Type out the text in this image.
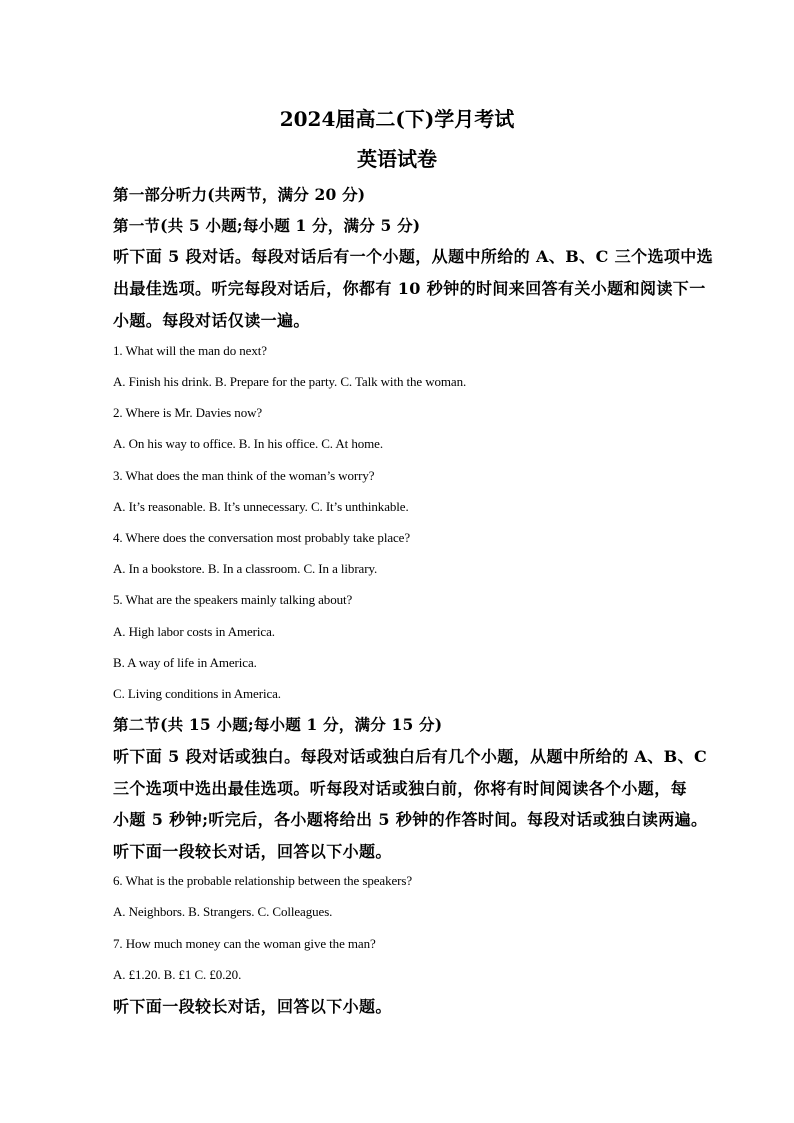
2024届高二(下)学月考试
英语试卷
第一部分听力(共两节，满分 20 分)
第一节(共 5 小题;每小题 1 分，满分 5 分)
听下面 5 段对话。每段对话后有一个小题，从题中所给的 A、B、C 三个选项中选
出最佳选项。听完每段对话后，你都有 10 秒钟的时间来回答有关小题和阅读下一
小题。每段对话仅读一遍。
1. What will the man do next?
A. Finish his drink. B. Prepare for the party. C. Talk with the woman.
2. Where is Mr. Davies now?
A. On his way to office. B. In his office. C. At home.
3. What does the man think of the woman’s worry?
A. It’s reasonable. B. It’s unnecessary. C. It’s unthinkable.
4. Where does the conversation most probably take place?
A. In a bookstore. B. In a classroom. C. In a library.
5. What are the speakers mainly talking about?
A. High labor costs in America.
B. A way of life in America.
C. Living conditions in America.
第二节(共 15 小题;每小题 1 分，满分 15 分)
听下面 5 段对话或独白。每段对话或独白后有几个小题，从题中所给的 A、B、C
三个选项中选出最佳选项。听每段对话或独白前，你将有时间阅读各个小题，每
小题 5 秒钟;听完后，各小题将给出 5 秒钟的作答时间。每段对话或独白读两遍。
听下面一段较长对话，回答以下小题。
6. What is the probable relationship between the speakers?
A. Neighbors. B. Strangers. C. Colleagues.
7. How much money can the woman give the man?
A. £1.20. B. £1 C. £0.20.
听下面一段较长对话，回答以下小题。
